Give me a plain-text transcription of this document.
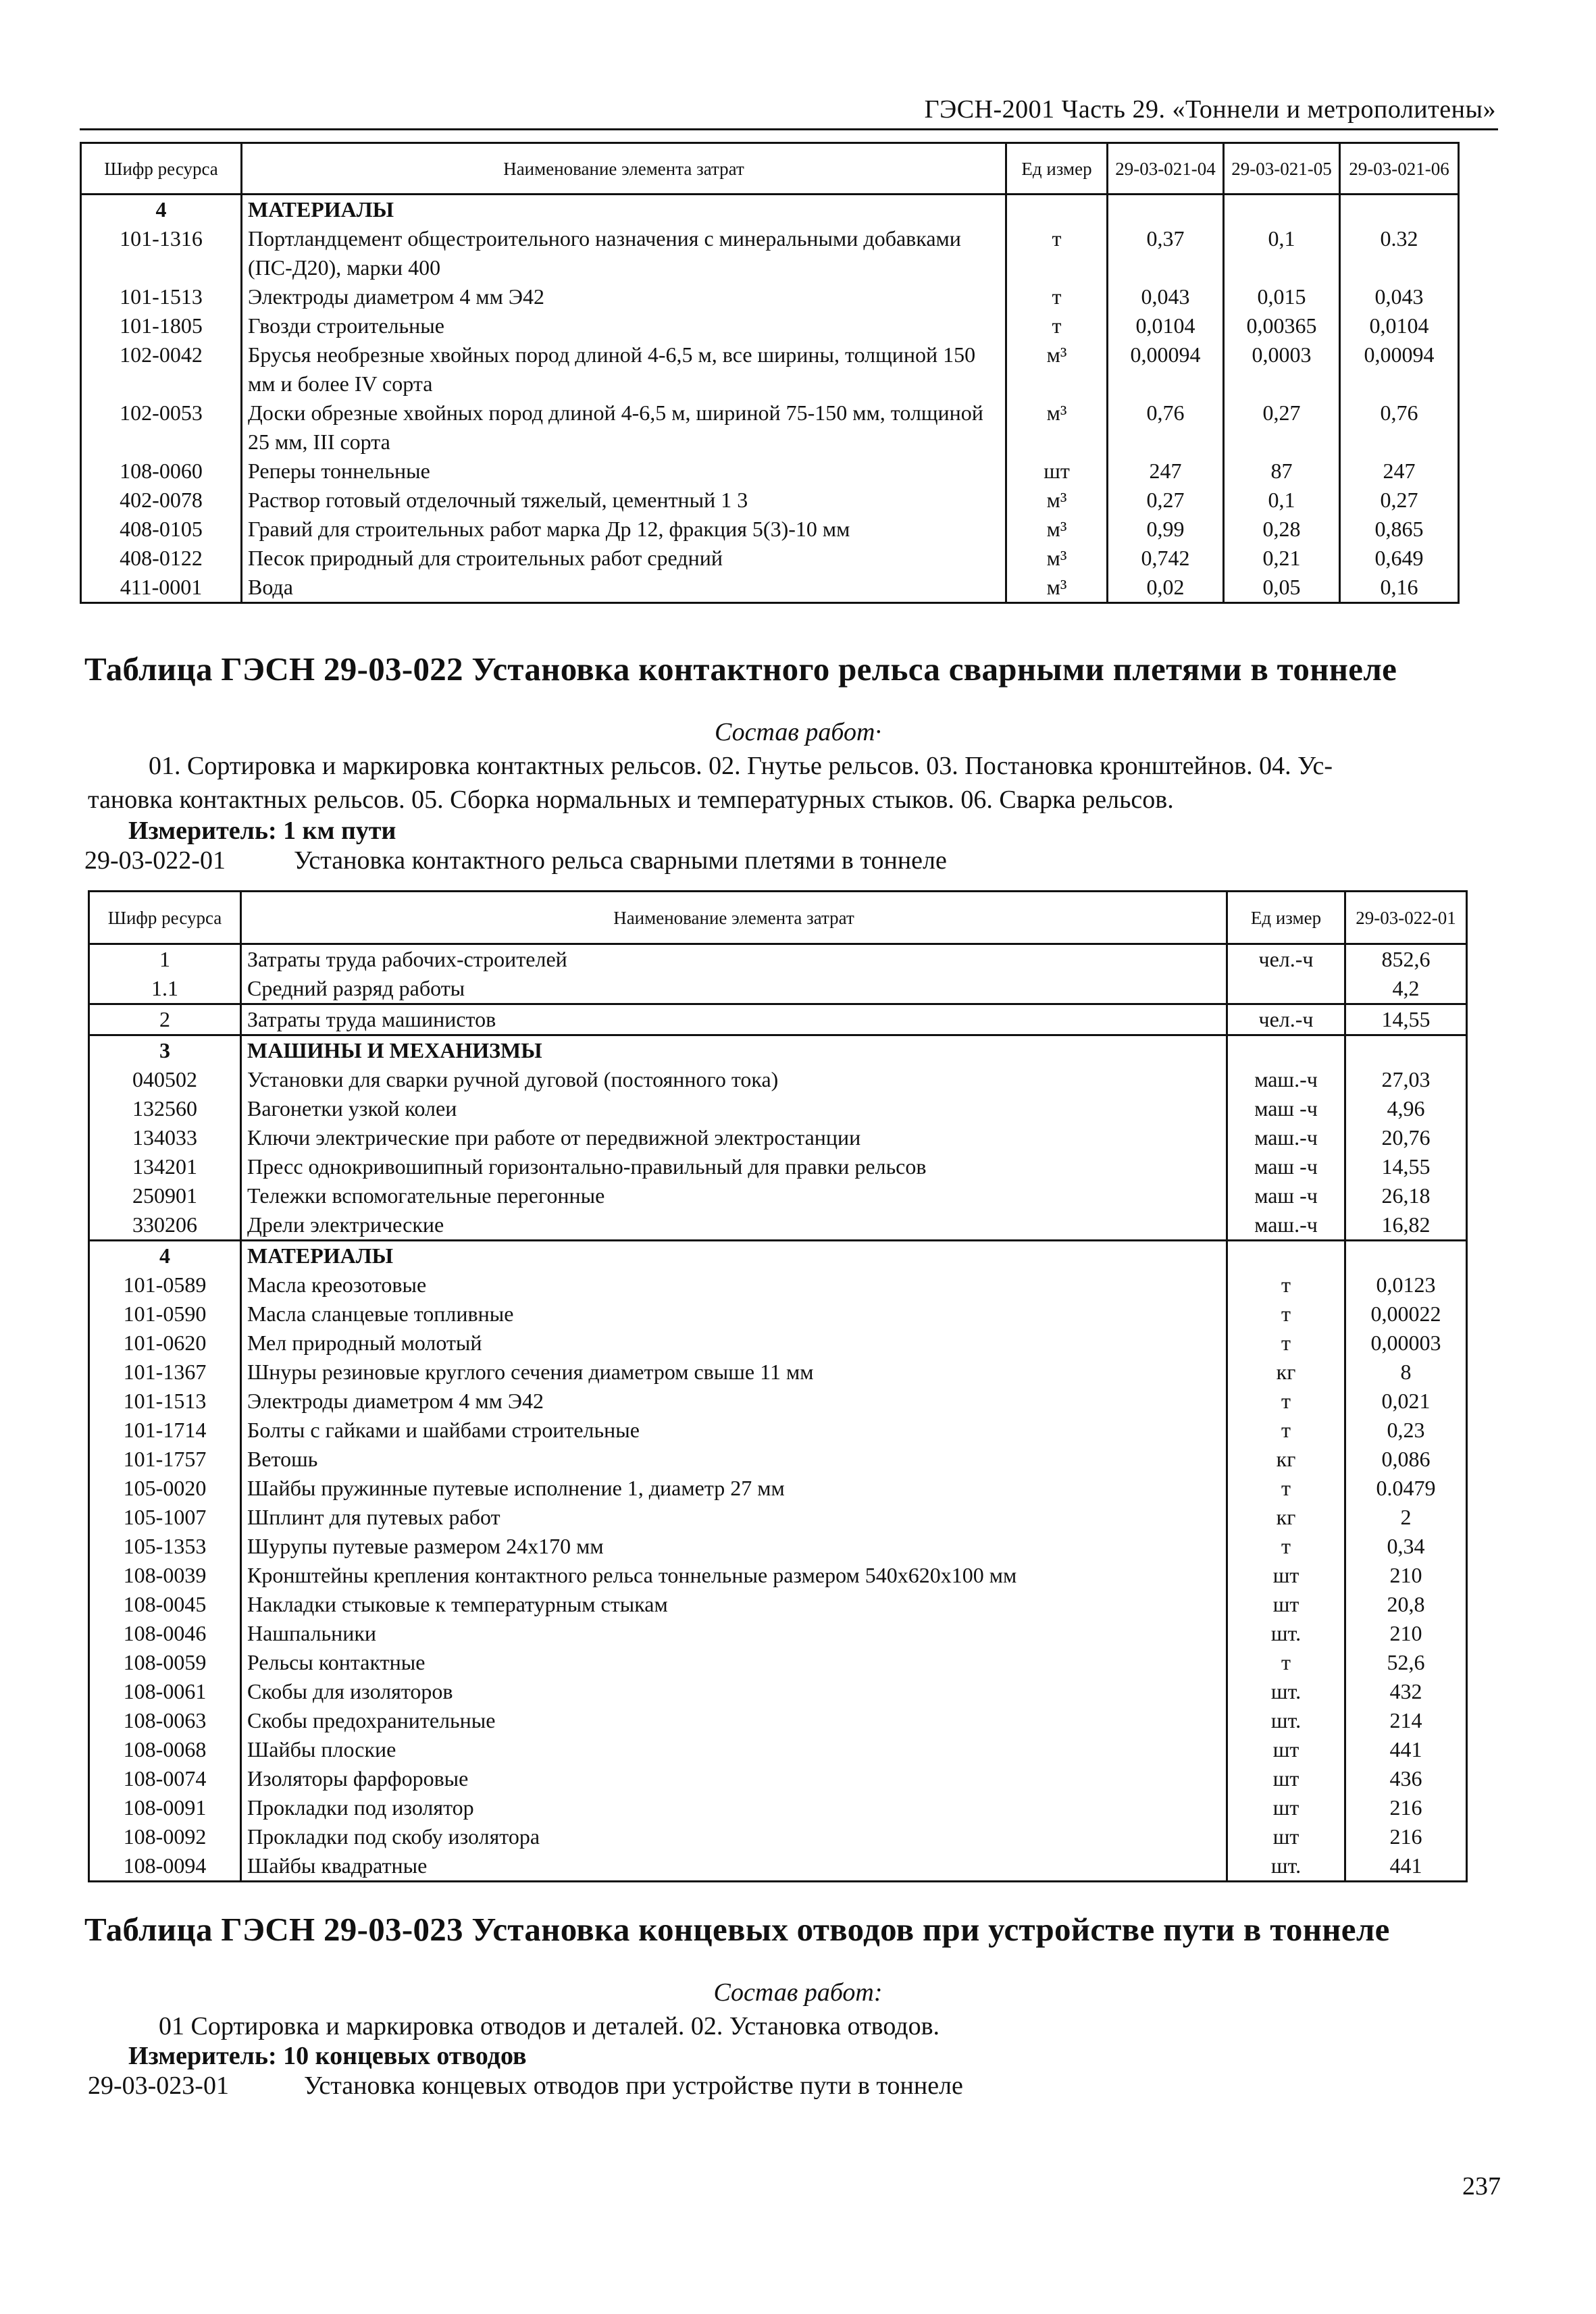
ГЭСН-2001 Часть 29. «Тоннели и метрополитены»
Шифр ресурса	Наименование элемента затрат	Ед измер	29-03-021-04	29-03-021-05	29-03-021-06
4	МАТЕРИАЛЫ				
101-1316	Портландцемент общестроительного назначения с минеральными добавками (ПС-Д20), марки 400	т	0,37	0,1	0.32
101-1513	Электроды диаметром 4 мм Э42	т	0,043	0,015	0,043
101-1805	Гвозди строительные	т	0,0104	0,00365	0,0104
102-0042	Брусья необрезные хвойных пород длиной 4-6,5 м, все ширины, толщиной 150 мм и более IV сорта	м³	0,00094	0,0003	0,00094
102-0053	Доски обрезные хвойных пород длиной 4-6,5 м, шириной 75-150 мм, толщиной 25 мм, III сорта	м³	0,76	0,27	0,76
108-0060	Реперы тоннельные	шт	247	87	247
402-0078	Раствор готовый отделочный тяжелый, цементный 1 3	м³	0,27	0,1	0,27
408-0105	Гравий для строительных работ марка Др 12, фракция 5(3)-10 мм	м³	0,99	0,28	0,865
408-0122	Песок природный для строительных работ средний	м³	0,742	0,21	0,649
411-0001	Вода	м³	0,02	0,05	0,16
Таблица ГЭСН 29-03-022 Установка контактного рельса сварными плетями в тоннеле
Состав работ·
01. Сортировка и маркировка контактных рельсов. 02. Гнутье рельсов. 03. Постановка кронштейнов. 04. Ус-
тановка контактных рельсов. 05. Сборка нормальных и температурных стыков. 06. Сварка рельсов.
Измеритель: 1 км пути
29-03-022-01	Установка контактного рельса сварными плетями в тоннеле
Шифр ресурса	Наименование элемента затрат	Ед измер	29-03-022-01
1	Затраты труда рабочих-строителей	чел.-ч	852,6
1.1	Средний разряд работы		4,2
2	Затраты труда машинистов	чел.-ч	14,55
3	МАШИНЫ И МЕХАНИЗМЫ		
040502	Установки для сварки ручной дуговой (постоянного тока)	маш.-ч	27,03
132560	Вагонетки узкой колеи	маш -ч	4,96
134033	Ключи электрические при работе от передвижной электростанции	маш.-ч	20,76
134201	Пресс однокривошипный горизонтально-правильный для правки рельсов	маш -ч	14,55
250901	Тележки вспомогательные перегонные	маш -ч	26,18
330206	Дрели электрические	маш.-ч	16,82
4	МАТЕРИАЛЫ		
101-0589	Масла креозотовые	т	0,0123
101-0590	Масла сланцевые топливные	т	0,00022
101-0620	Мел природный молотый	т	0,00003
101-1367	Шнуры резиновые круглого сечения диаметром свыше 11 мм	кг	8
101-1513	Электроды диаметром 4 мм Э42	т	0,021
101-1714	Болты с гайками и шайбами строительные	т	0,23
101-1757	Ветошь	кг	0,086
105-0020	Шайбы пружинные путевые исполнение 1, диаметр 27 мм	т	0.0479
105-1007	Шплинт для путевых работ	кг	2
105-1353	Шурупы путевые размером 24x170 мм	т	0,34
108-0039	Кронштейны крепления контактного рельса тоннельные размером 540x620x100 мм	шт	210
108-0045	Накладки стыковые к температурным стыкам	шт	20,8
108-0046	Нашпальники	шт.	210
108-0059	Рельсы контактные	т	52,6
108-0061	Скобы для изоляторов	шт.	432
108-0063	Скобы предохранительные	шт.	214
108-0068	Шайбы плоские	шт	441
108-0074	Изоляторы фарфоровые	шт	436
108-0091	Прокладки под изолятор	шт	216
108-0092	Прокладки под скобу изолятора	шт	216
108-0094	Шайбы квадратные	шт.	441
Таблица ГЭСН 29-03-023 Установка концевых отводов при устройстве пути в тоннеле
Состав работ:
01 Сортировка и маркировка отводов и деталей. 02. Установка отводов.
Измеритель: 10 концевых отводов
29-03-023-01	Установка концевых отводов при устройстве пути в тоннеле
237
